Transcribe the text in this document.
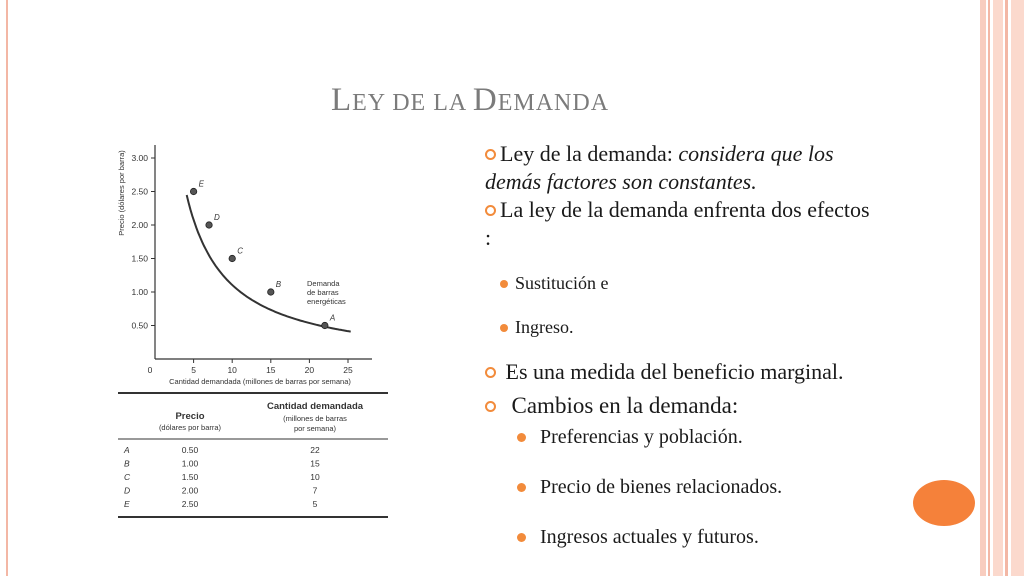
LEY DE LA DEMANDA
0.50
1.00
1.50
2.00
2.50
3.00
0	5	10	15	20	25
Cantidad demandada (millones de barras por semana)
Precio (dólares por barra)
A
B
C
D
E
Demanda
de barras
energéticas
Precio
(dólares por barra)
Cantidad demandada
(millones de barras
por semana)
A	0.50	22
B	1.00	15
C	1.50	10
D	2.00	7
E	2.50	5

Ley de la demanda: considera que los demás factores son constantes.

La ley de la demanda enfrenta dos efectos :

Sustitución e

Ingreso.

Es una medida del beneficio marginal.

Cambios en la demanda:

Preferencias y población.

Precio de bienes relacionados.

Ingresos actuales y futuros.
